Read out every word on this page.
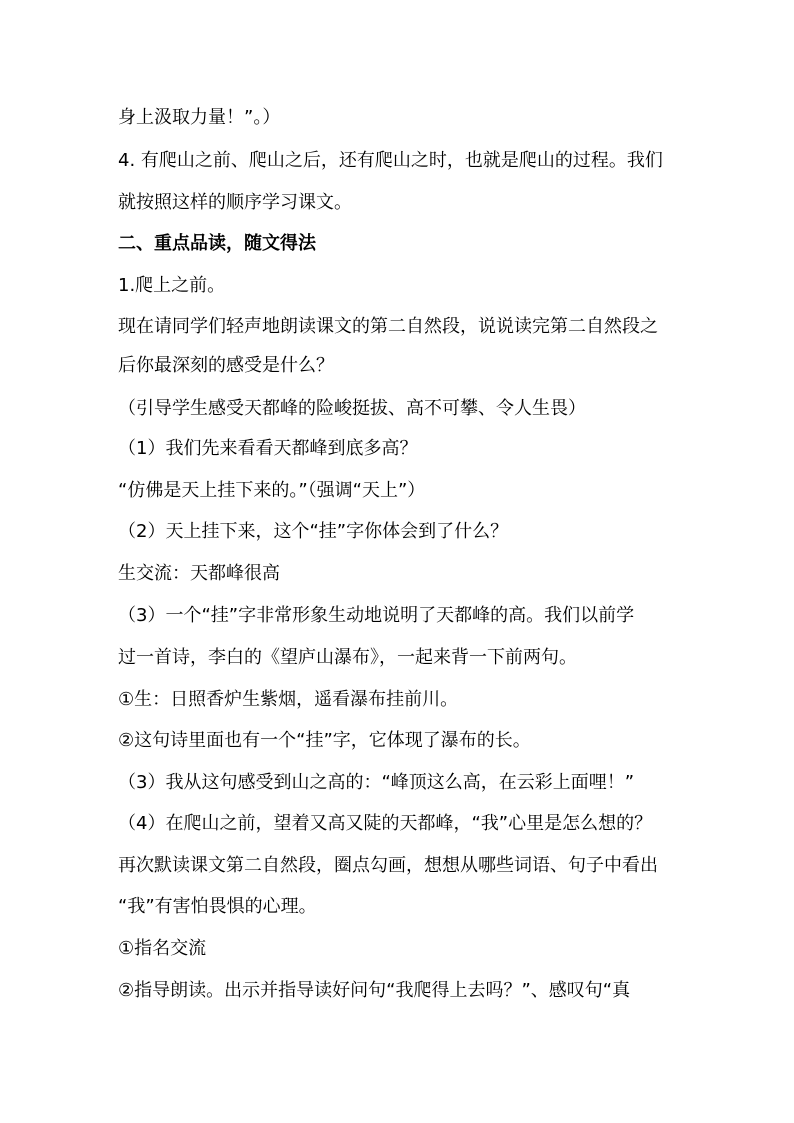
身上汲取力量！”。）
4. 有爬山之前、爬山之后，还有爬山之时，也就是爬山的过程。我们
就按照这样的顺序学习课文。
二、重点品读，随文得法
1.爬上之前。
现在请同学们轻声地朗读课文的第二自然段，说说读完第二自然段之
后你最深刻的感受是什么？
（引导学生感受天都峰的险峻挺拔、高不可攀、令人生畏）
（1）我们先来看看天都峰到底多高？
“仿佛是天上挂下来的。”（强调“天上”）
（2）天上挂下来，这个“挂”字你体会到了什么？
生交流：天都峰很高
（3）一个“挂”字非常形象生动地说明了天都峰的高。我们以前学
过一首诗，李白的《望庐山瀑布》，一起来背一下前两句。
①生：日照香炉生紫烟，遥看瀑布挂前川。
②这句诗里面也有一个“挂”字，它体现了瀑布的长。
（3）我从这句感受到山之高的：“峰顶这么高，在云彩上面哩！”
（4）在爬山之前，望着又高又陡的天都峰，“我”心里是怎么想的？
再次默读课文第二自然段，圈点勾画，想想从哪些词语、句子中看出
“我”有害怕畏惧的心理。
①指名交流
②指导朗读。出示并指导读好问句“我爬得上去吗？”、感叹句“真
